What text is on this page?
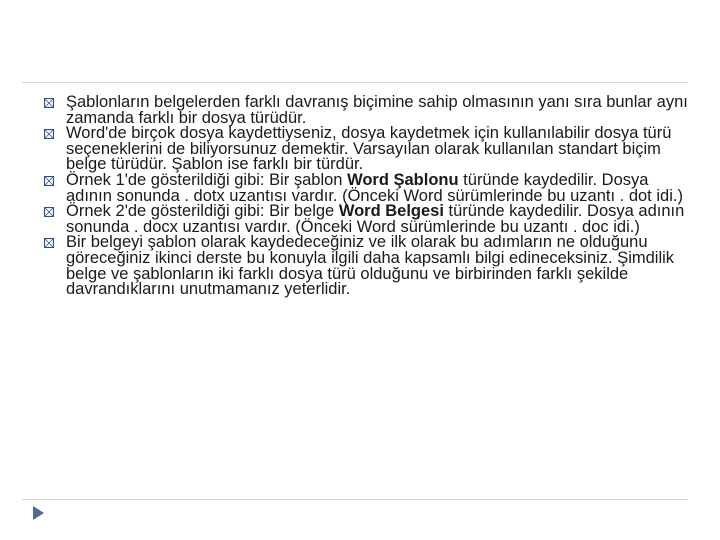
Şablonların belgelerden farklı davranış biçimine sahip olmasının yanı sıra bunlar aynı zamanda farklı bir dosya türüdür.
Word'de birçok dosya kaydettiyseniz, dosya kaydetmek için kullanılabilir dosya türü seçeneklerini de biliyorsunuz demektir. Varsayılan olarak kullanılan standart biçim belge türüdür. Şablon ise farklı bir türdür.
Örnek 1'de gösterildiği gibi: Bir şablon Word Şablonu türünde kaydedilir. Dosya adının sonunda . dotx uzantısı vardır. (Önceki Word sürümlerinde bu uzantı . dot idi.)
Örnek 2'de gösterildiği gibi: Bir belge Word Belgesi türünde kaydedilir. Dosya adının sonunda . docx uzantısı vardır. (Önceki Word sürümlerinde bu uzantı . doc idi.)
Bir belgeyi şablon olarak kaydedeceğiniz ve ilk olarak bu adımların ne olduğunu göreceğiniz ikinci derste bu konuyla ilgili daha kapsamlı bilgi edineceksiniz. Şimdilik belge ve şablonların iki farklı dosya türü olduğunu ve birbirinden farklı şekilde davrandıklarını unutmamanız yeterlidir.
